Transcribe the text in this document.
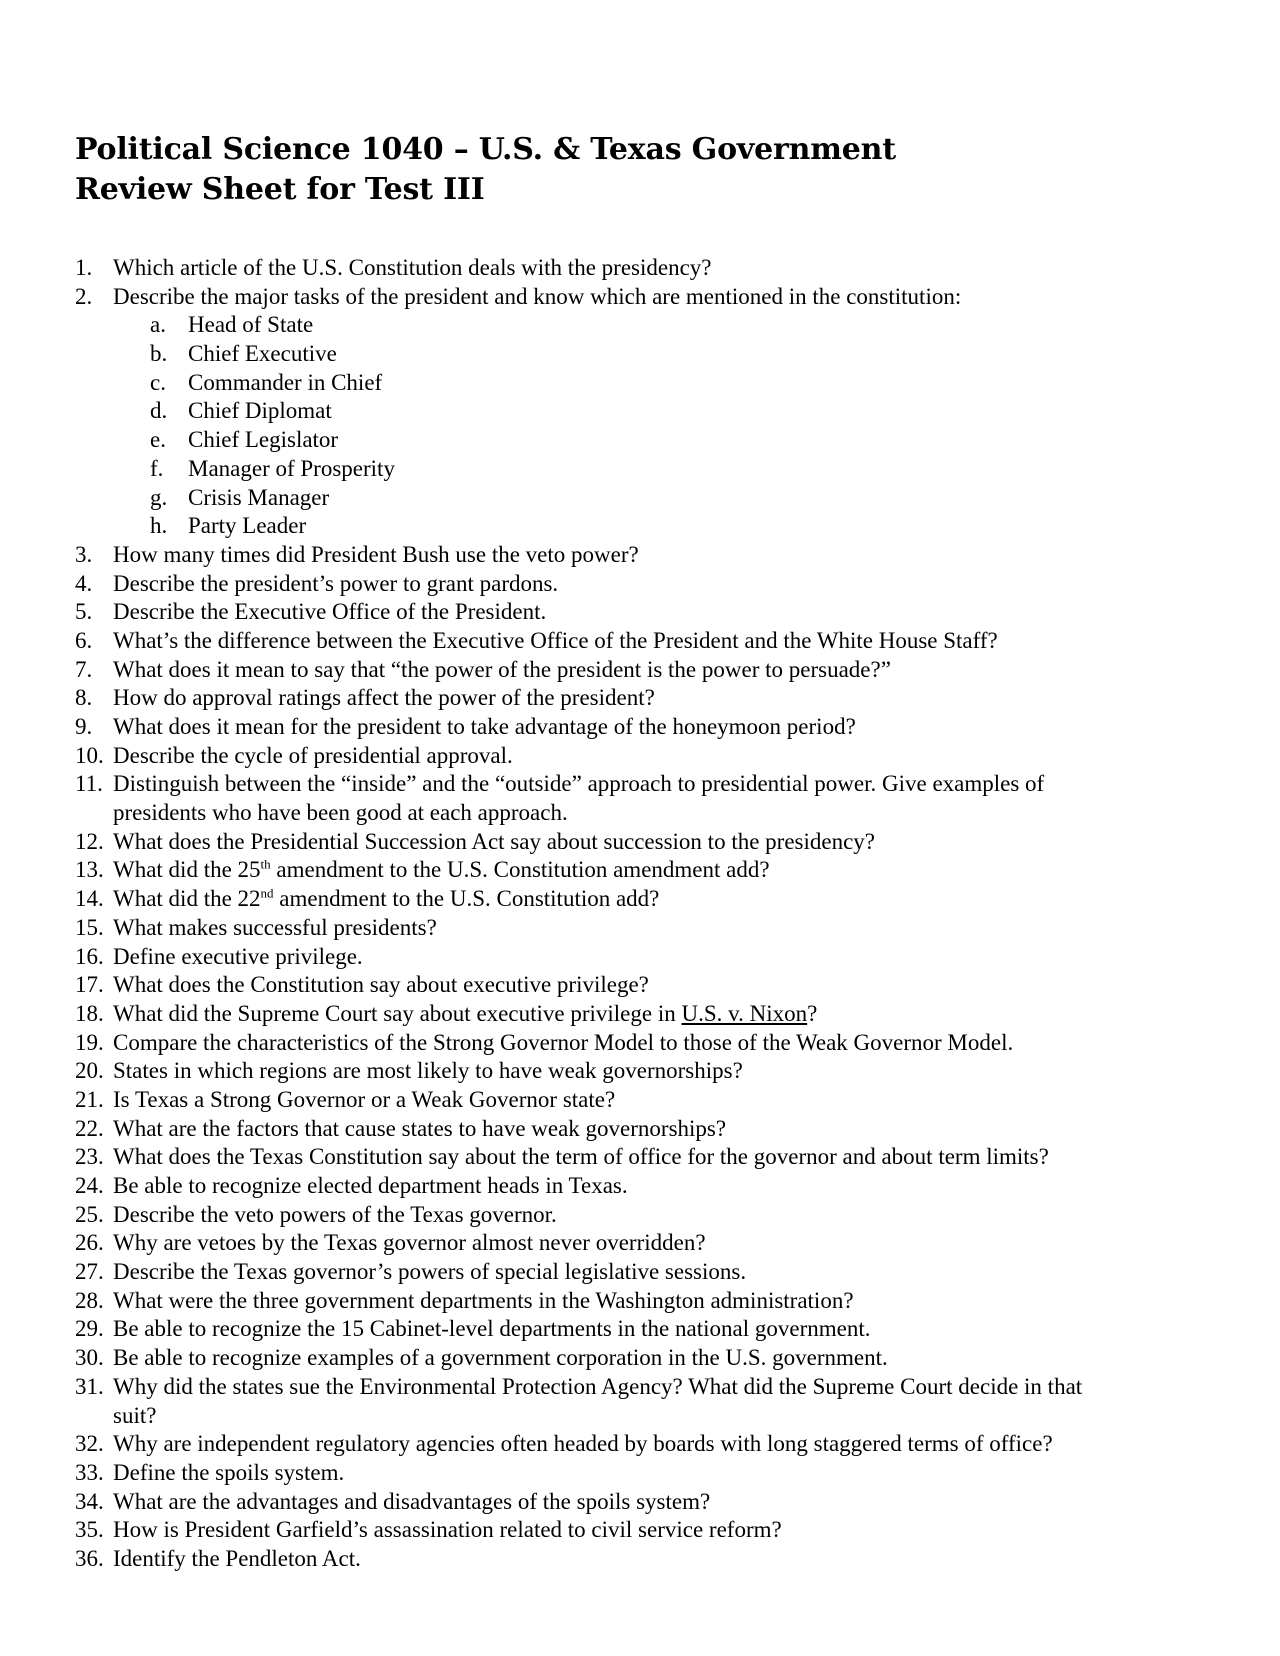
Political Science 1040 – U.S. & Texas Government
Review Sheet for Test III
1. Which article of the U.S. Constitution deals with the presidency?
2. Describe the major tasks of the president and know which are mentioned in the constitution:
a. Head of State
b. Chief Executive
c. Commander in Chief
d. Chief Diplomat
e. Chief Legislator
f. Manager of Prosperity
g. Crisis Manager
h. Party Leader
3. How many times did President Bush use the veto power?
4. Describe the president’s power to grant pardons.
5. Describe the Executive Office of the President.
6. What’s the difference between the Executive Office of the President and the White House Staff?
7. What does it mean to say that “the power of the president is the power to persuade?”
8. How do approval ratings affect the power of the president?
9. What does it mean for the president to take advantage of the honeymoon period?
10. Describe the cycle of presidential approval.
11. Distinguish between the “inside” and the “outside” approach to presidential power. Give examples of
presidents who have been good at each approach.
12. What does the Presidential Succession Act say about succession to the presidency?
13. What did the 25th amendment to the U.S. Constitution amendment add?
14. What did the 22nd amendment to the U.S. Constitution add?
15. What makes successful presidents?
16. Define executive privilege.
17. What does the Constitution say about executive privilege?
18. What did the Supreme Court say about executive privilege in U.S. v. Nixon?
19. Compare the characteristics of the Strong Governor Model to those of the Weak Governor Model.
20. States in which regions are most likely to have weak governorships?
21. Is Texas a Strong Governor or a Weak Governor state?
22. What are the factors that cause states to have weak governorships?
23. What does the Texas Constitution say about the term of office for the governor and about term limits?
24. Be able to recognize elected department heads in Texas.
25. Describe the veto powers of the Texas governor.
26. Why are vetoes by the Texas governor almost never overridden?
27. Describe the Texas governor’s powers of special legislative sessions.
28. What were the three government departments in the Washington administration?
29. Be able to recognize the 15 Cabinet-level departments in the national government.
30. Be able to recognize examples of a government corporation in the U.S. government.
31. Why did the states sue the Environmental Protection Agency? What did the Supreme Court decide in that
suit?
32. Why are independent regulatory agencies often headed by boards with long staggered terms of office?
33. Define the spoils system.
34. What are the advantages and disadvantages of the spoils system?
35. How is President Garfield’s assassination related to civil service reform?
36. Identify the Pendleton Act.
